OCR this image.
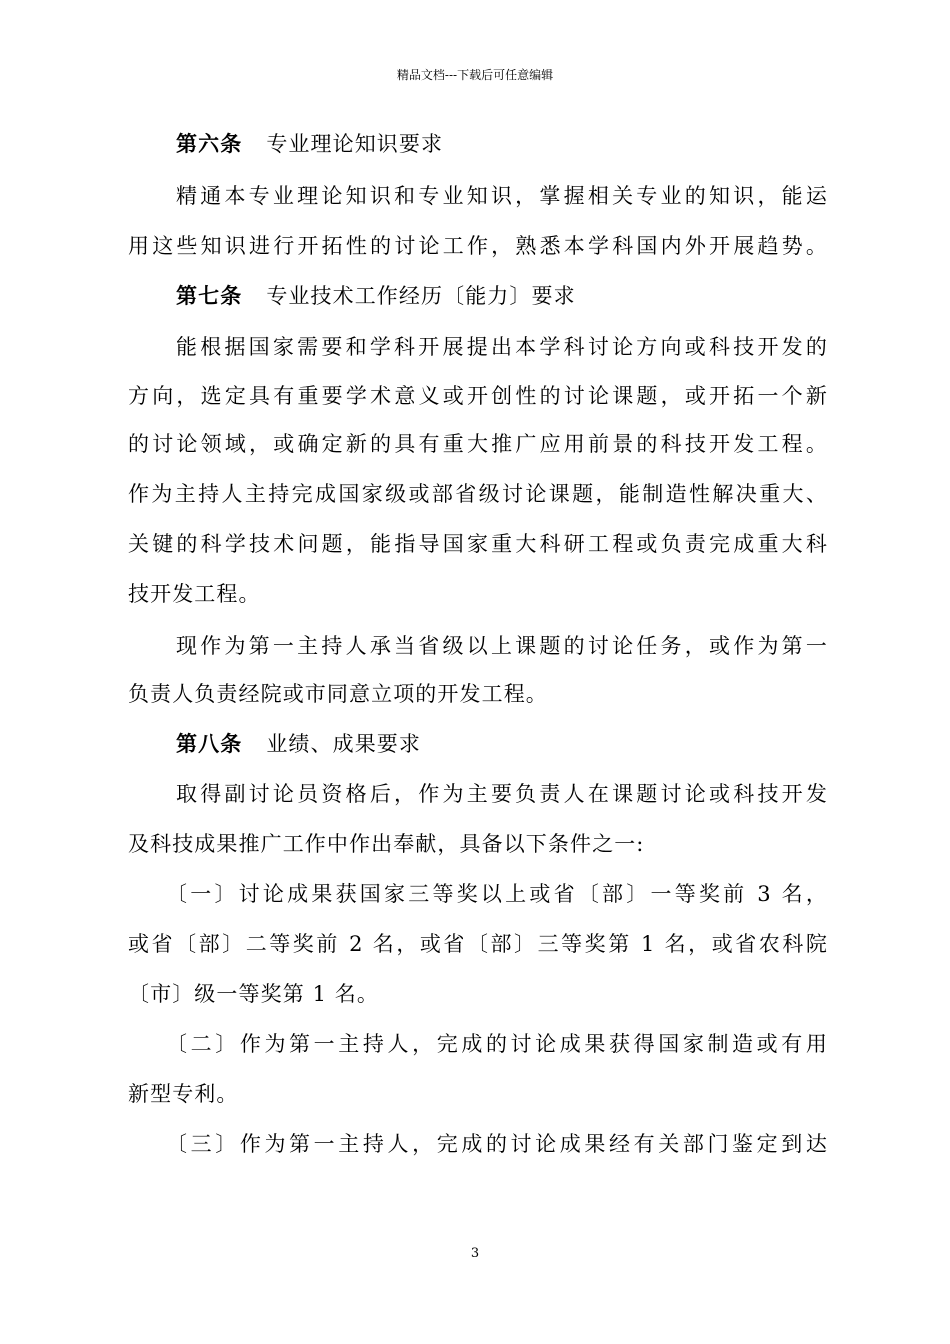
精品文档---下载后可任意编辑
第六条 专业理论知识要求
精通本专业理论知识和专业知识，掌握相关专业的知识，能运
用这些知识进行开拓性的讨论工作，熟悉本学科国内外开展趋势。
第七条 专业技术工作经历〔能力〕要求
能根据国家需要和学科开展提出本学科讨论方向或科技开发的
方向，选定具有重要学术意义或开创性的讨论课题，或开拓一个新
的讨论领域，或确定新的具有重大推广应用前景的科技开发工程。
作为主持人主持完成国家级或部省级讨论课题，能制造性解决重大、
关键的科学技术问题，能指导国家重大科研工程或负责完成重大科
技开发工程。
现作为第一主持人承当省级以上课题的讨论任务，或作为第一
负责人负责经院或市同意立项的开发工程。
第八条 业绩、成果要求
取得副讨论员资格后，作为主要负责人在课题讨论或科技开发
及科技成果推广工作中作出奉献，具备以下条件之一:
〔一〕讨论成果获国家三等奖以上或省〔部〕一等奖前 3 名，
或省〔部〕二等奖前 2 名，或省〔部〕三等奖第 1 名，或省农科院
〔市〕级一等奖第 1 名。
〔二〕作为第一主持人，完成的讨论成果获得国家制造或有用
新型专利。
〔三〕作为第一主持人，完成的讨论成果经有关部门鉴定到达
3
